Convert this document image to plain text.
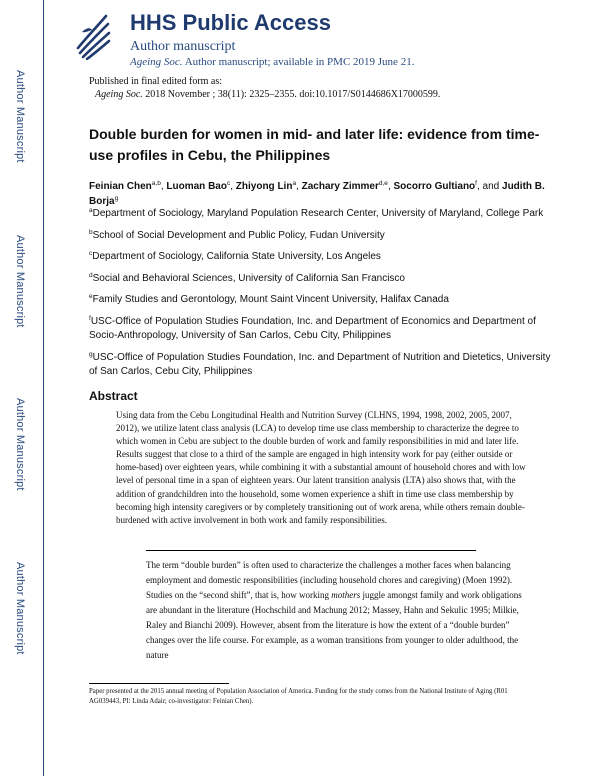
Author Manuscript
Author Manuscript
Author Manuscript
Author Manuscript
HHS Public Access
Author manuscript
Ageing Soc. Author manuscript; available in PMC 2019 June 21.
Published in final edited form as:
Ageing Soc. 2018 November ; 38(11): 2325–2355. doi:10.1017/S0144686X17000599.
Double burden for women in mid- and later life: evidence from time-use profiles in Cebu, the Philippines
Feinian Chen$^{a,b}$, Luoman Bao$^c$, Zhiyong Lin$^a$, Zachary Zimmer$^{d,e}$, Socorro Gultiano$^f$, and Judith B. Borja$^g$
$^a$Department of Sociology, Maryland Population Research Center, University of Maryland, College Park
$^b$School of Social Development and Public Policy, Fudan University
$^c$Department of Sociology, California State University, Los Angeles
$^d$Social and Behavioral Sciences, University of California San Francisco
$^e$Family Studies and Gerontology, Mount Saint Vincent University, Halifax Canada
$^f$USC-Office of Population Studies Foundation, Inc. and Department of Economics and Department of Socio-Anthropology, University of San Carlos, Cebu City, Philippines
$^g$USC-Office of Population Studies Foundation, Inc. and Department of Nutrition and Dietetics, University of San Carlos, Cebu City, Philippines
Abstract
Using data from the Cebu Longitudinal Health and Nutrition Survey (CLHNS, 1994, 1998, 2002, 2005, 2007, 2012), we utilize latent class analysis (LCA) to develop time use class membership to characterize the degree to which women in Cebu are subject to the double burden of work and family responsibilities in mid and later life. Results suggest that close to a third of the sample are engaged in high intensity work for pay (either outside or home-based) over eighteen years, while combining it with a substantial amount of household chores and with low level of personal time in a span of eighteen years. Our latent transition analysis (LTA) also shows that, with the addition of grandchildren into the household, some women experience a shift in time use class membership by becoming high intensity caregivers or by completely transitioning out of work arena, while others remain double-burdened with active involvement in both work and family responsibilities.
The term “double burden” is often used to characterize the challenges a mother faces when balancing employment and domestic responsibilities (including household chores and caregiving) (Moen 1992). Studies on the “second shift”, that is, how working mothers juggle amongst family and work obligations are abundant in the literature (Hochschild and Machung 2012; Massey, Hahn and Sekulic 1995; Milkie, Raley and Bianchi 2009). However, absent from the literature is how the extent of a “double burden” changes over the life course. For example, as a woman transitions from younger to older adulthood, the nature
Paper presented at the 2015 annual meeting of Population Association of America. Funding for the study comes from the National Institute of Aging (R01 AG039443, PI: Linda Adair; co-investigator: Feinian Chen).
